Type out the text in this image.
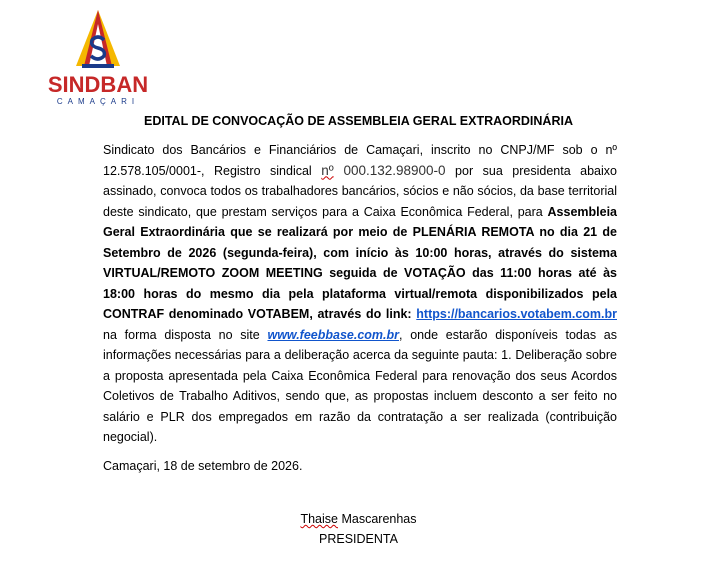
SINDBAN
CAMAÇARI
EDITAL DE CONVOCAÇÃO DE ASSEMBLEIA GERAL EXTRAORDINÁRIA

Sindicato dos Bancários e Financiários de Camaçari, inscrito no CNPJ/MF sob o nº 12.578.105/0001-, Registro sindical nº 000.132.98900-0 por sua presidenta abaixo assinado, convoca todos os trabalhadores bancários, sócios e não sócios, da base territorial deste sindicato, que prestam serviços para a Caixa Econômica Federal, para Assembleia Geral Extraordinária que se realizará por meio de PLENÁRIA REMOTA no dia 21 de Setembro de 2026 (segunda-feira), com início às 10:00 horas, através do sistema VIRTUAL/REMOTO ZOOM MEETING seguida de VOTAÇÃO das 11:00 horas até às 18:00 horas do mesmo dia pela plataforma virtual/remota disponibilizados pela CONTRAF denominado VOTABEM, através do link: https://bancarios.votabem.com.br na forma disposta no site www.feebbase.com.br, onde estarão disponíveis todas as informações necessárias para a deliberação acerca da seguinte pauta: 1. Deliberação sobre a proposta apresentada pela Caixa Econômica Federal para renovação dos seus Acordos Coletivos de Trabalho Aditivos, sendo que, as propostas incluem desconto a ser feito no salário e PLR dos empregados em razão da contratação a ser realizada (contribuição negocial).

Camaçari, 18 de setembro de 2026.
Thaise Mascarenhas
PRESIDENTA
